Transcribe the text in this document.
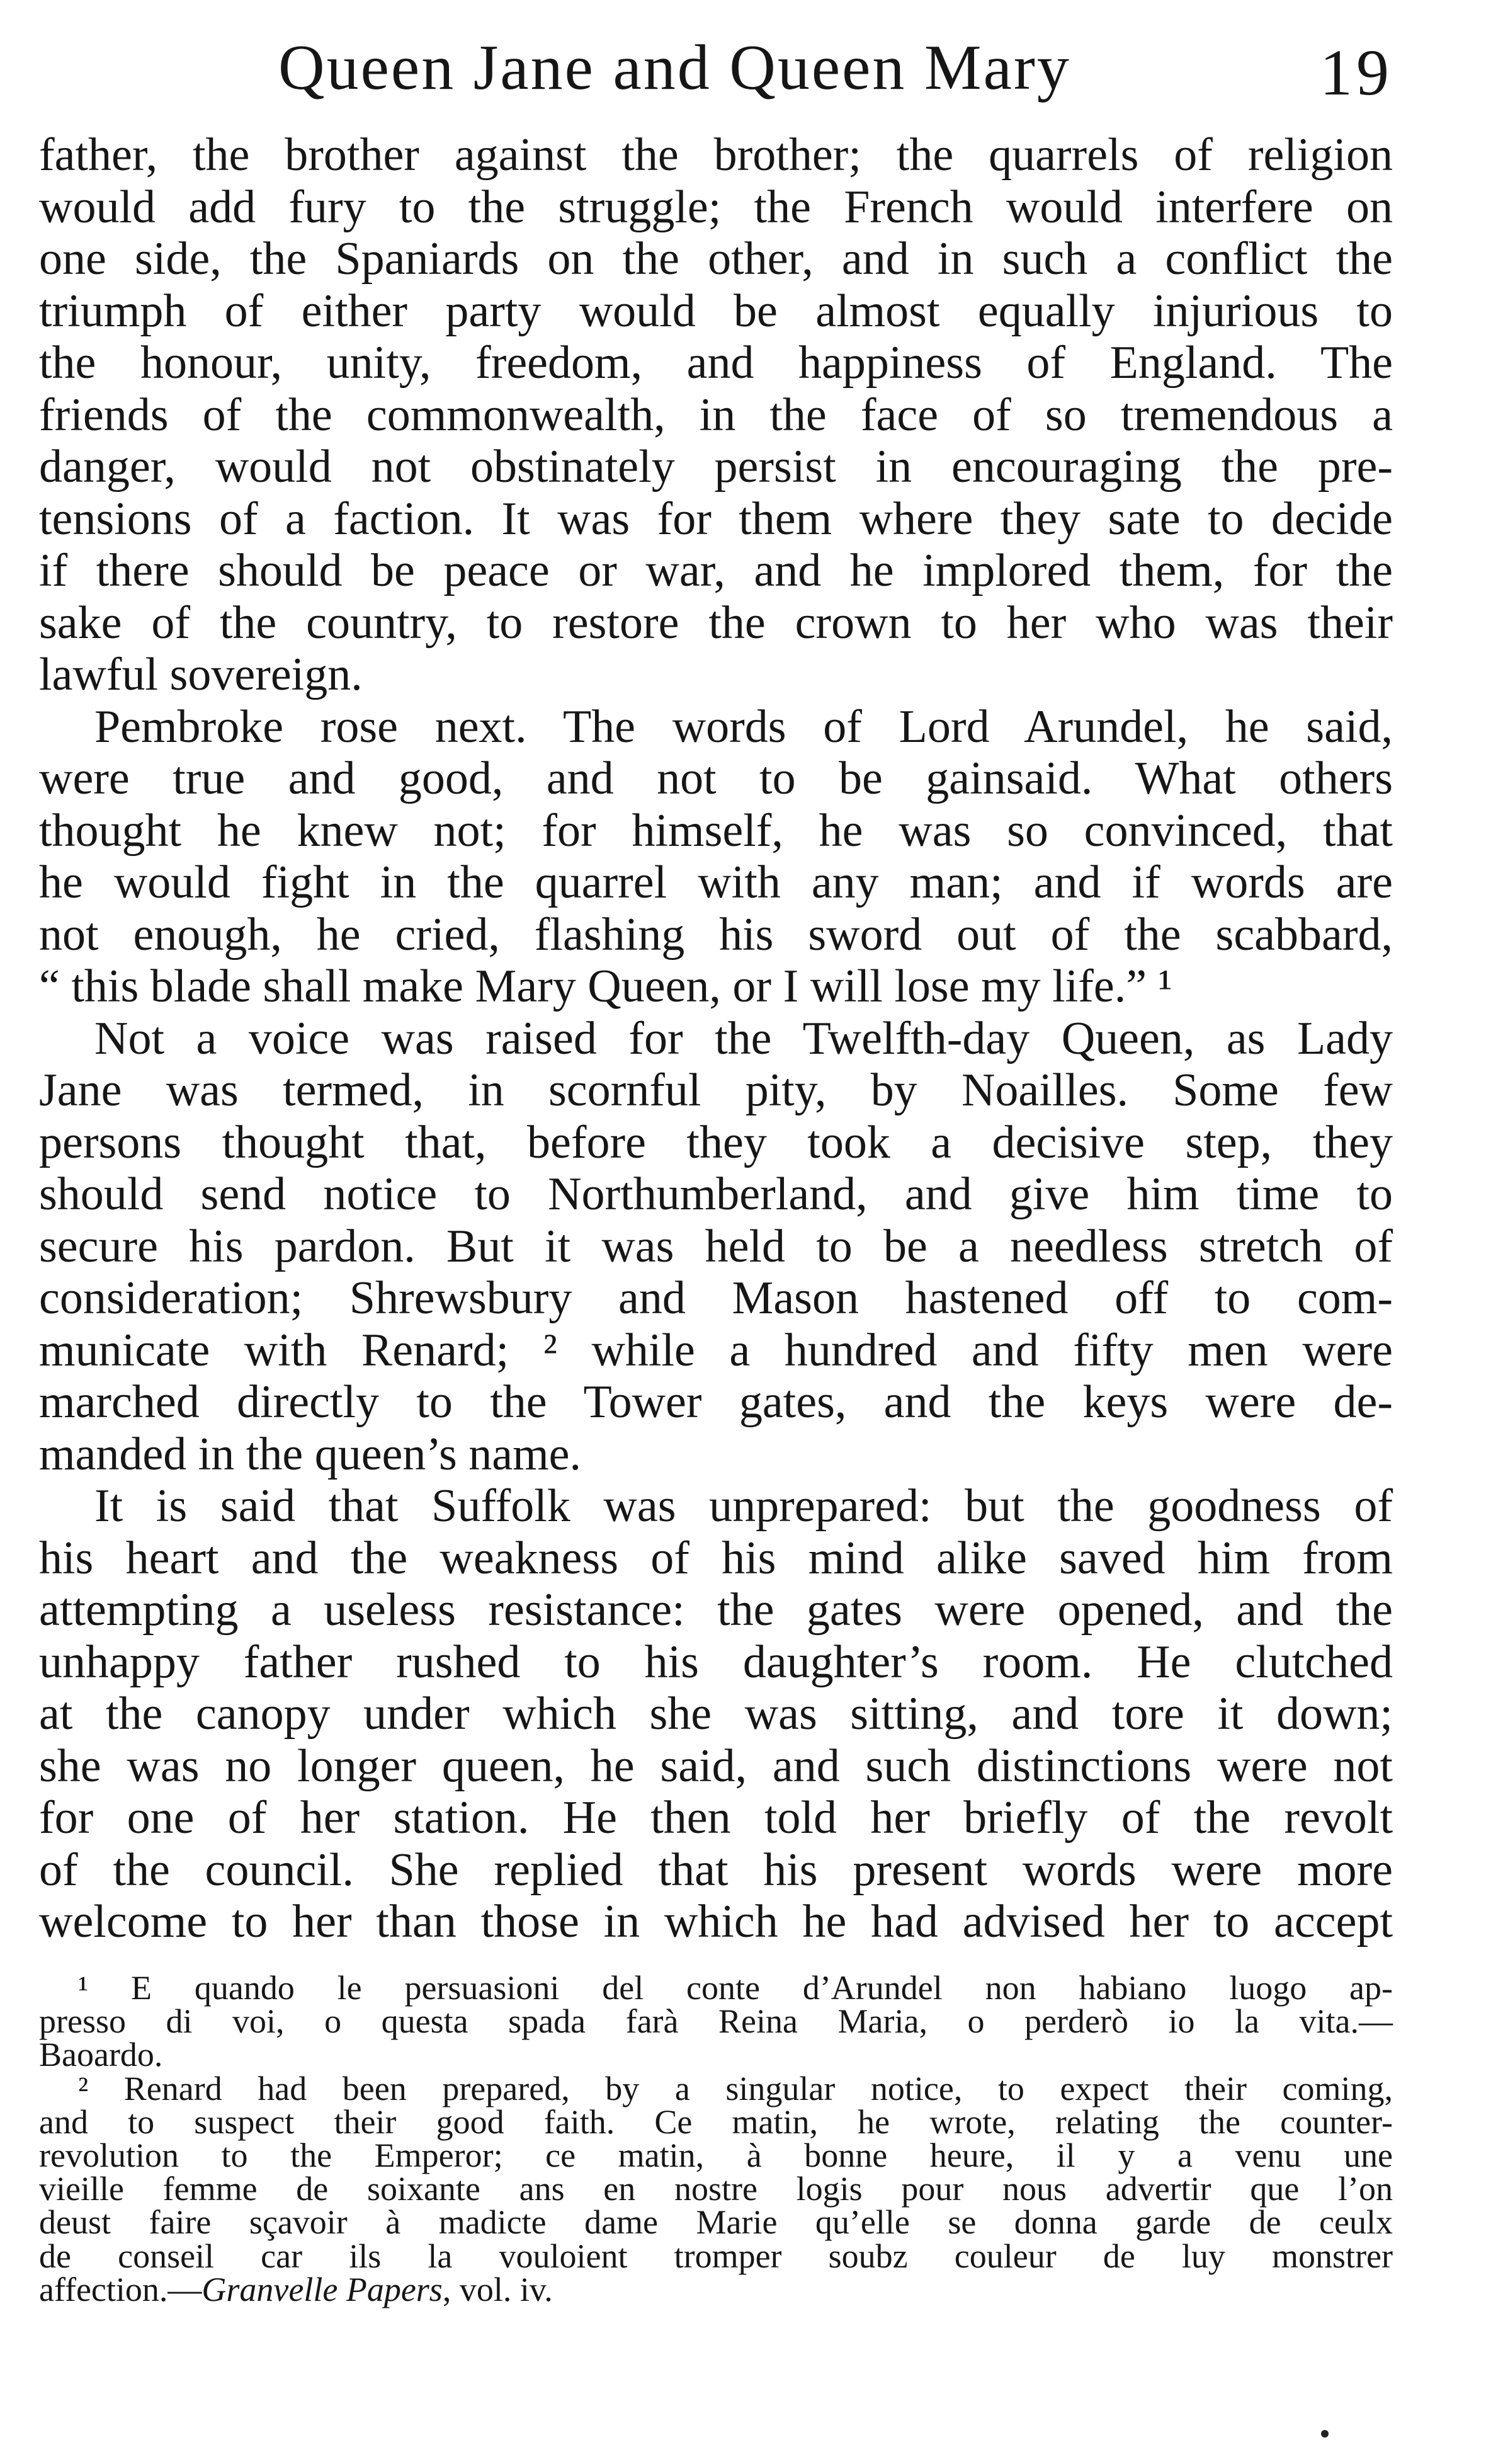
Queen Jane and Queen Mary	19
father, the brother against the brother; the quarrels of religion
would add fury to the struggle; the French would interfere on
one side, the Spaniards on the other, and in such a conflict the
triumph of either party would be almost equally injurious to
the honour, unity, freedom, and happiness of England. The
friends of the commonwealth, in the face of so tremendous a
danger, would not obstinately persist in encouraging the pre-
tensions of a faction. It was for them where they sate to decide
if there should be peace or war, and he implored them, for the
sake of the country, to restore the crown to her who was their
lawful sovereign.
Pembroke rose next. The words of Lord Arundel, he said,
were true and good, and not to be gainsaid. What others
thought he knew not; for himself, he was so convinced, that
he would fight in the quarrel with any man; and if words are
not enough, he cried, flashing his sword out of the scabbard,
“ this blade shall make Mary Queen, or I will lose my life.” ¹
Not a voice was raised for the Twelfth-day Queen, as Lady
Jane was termed, in scornful pity, by Noailles. Some few
persons thought that, before they took a decisive step, they
should send notice to Northumberland, and give him time to
secure his pardon. But it was held to be a needless stretch of
consideration; Shrewsbury and Mason hastened off to com-
municate with Renard; ² while a hundred and fifty men were
marched directly to the Tower gates, and the keys were de-
manded in the queen’s name.
It is said that Suffolk was unprepared: but the goodness of
his heart and the weakness of his mind alike saved him from
attempting a useless resistance: the gates were opened, and the
unhappy father rushed to his daughter’s room. He clutched
at the canopy under which she was sitting, and tore it down;
she was no longer queen, he said, and such distinctions were not
for one of her station. He then told her briefly of the revolt
of the council. She replied that his present words were more
welcome to her than those in which he had advised her to accept
¹ E quando le persuasioni del conte d’Arundel non habiano luogo ap-
presso di voi, o questa spada farà Reina Maria, o perderò io la vita.—
Baoardo.
² Renard had been prepared, by a singular notice, to expect their coming,
and to suspect their good faith. Ce matin, he wrote, relating the counter-
revolution to the Emperor; ce matin, à bonne heure, il y a venu une
vieille femme de soixante ans en nostre logis pour nous advertir que l’on
deust faire sçavoir à madicte dame Marie qu’elle se donna garde de ceulx
de conseil car ils la vouloient tromper soubz couleur de luy monstrer
affection.—Granvelle Papers, vol. iv.
